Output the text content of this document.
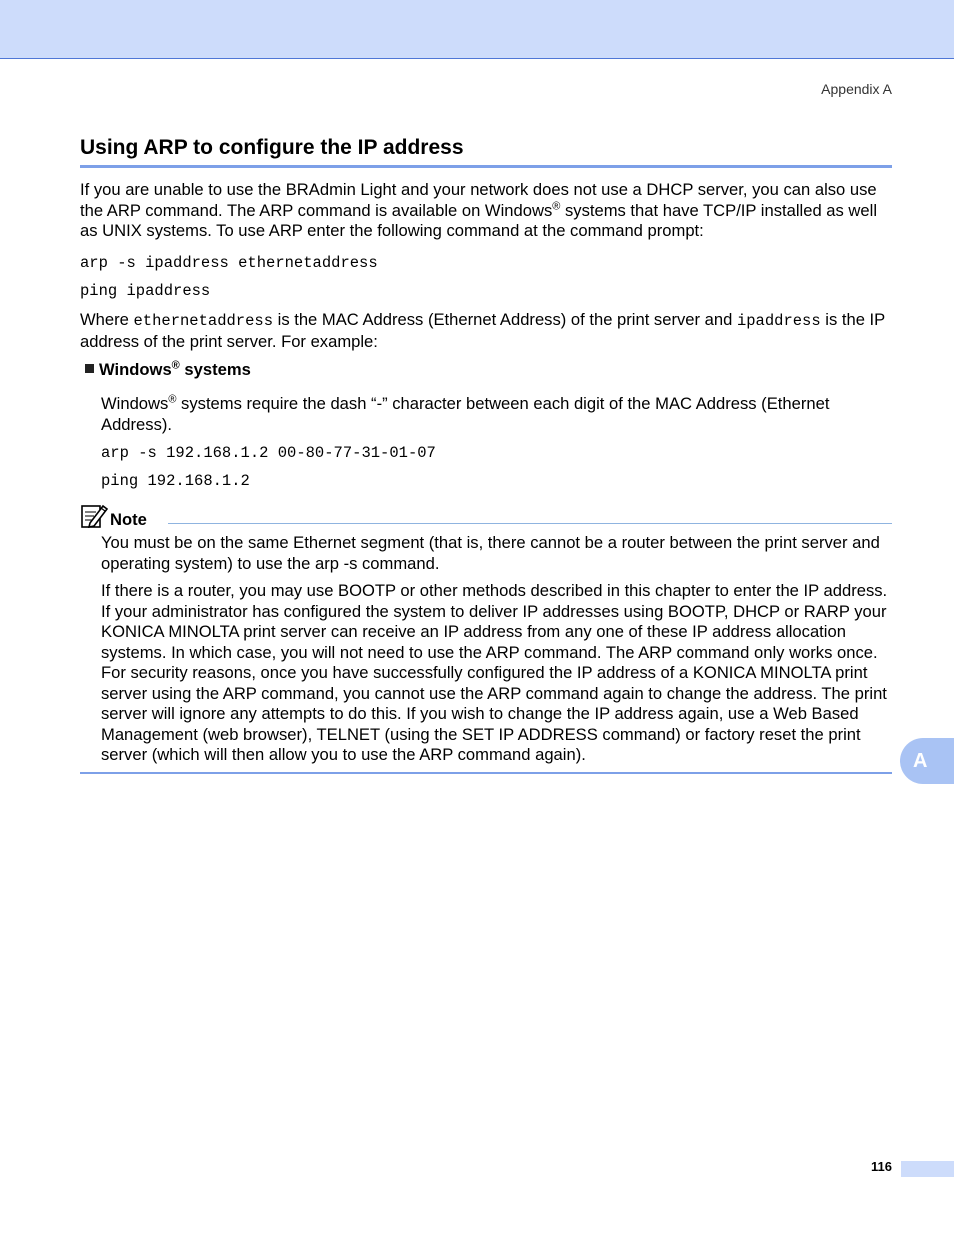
Appendix A
Using ARP to configure the IP address

If you are unable to use the BRAdmin Light and your network does not use a DHCP server, you can also use the ARP command. The ARP command is available on Windows® systems that have TCP/IP installed as well as UNIX systems. To use ARP enter the following command at the command prompt:

arp -s ipaddress ethernetaddress
ping ipaddress

Where ethernetaddress is the MAC Address (Ethernet Address) of the print server and ipaddress is the IP address of the print server. For example:

Windows® systems

Windows® systems require the dash “-” character between each digit of the MAC Address (Ethernet Address).

arp -s 192.168.1.2 00-80-77-31-01-07
ping 192.168.1.2
Note

You must be on the same Ethernet segment (that is, there cannot be a router between the print server and operating system) to use the arp -s command.

If there is a router, you may use BOOTP or other methods described in this chapter to enter the IP address. If your administrator has configured the system to deliver IP addresses using BOOTP, DHCP or RARP your KONICA MINOLTA print server can receive an IP address from any one of these IP address allocation systems. In which case, you will not need to use the ARP command. The ARP command only works once. For security reasons, once you have successfully configured the IP address of a KONICA MINOLTA print server using the ARP command, you cannot use the ARP command again to change the address. The print server will ignore any attempts to do this. If you wish to change the IP address again, use a Web Based Management (web browser), TELNET (using the SET IP ADDRESS command) or factory reset the print server (which will then allow you to use the ARP command again).	A
116
